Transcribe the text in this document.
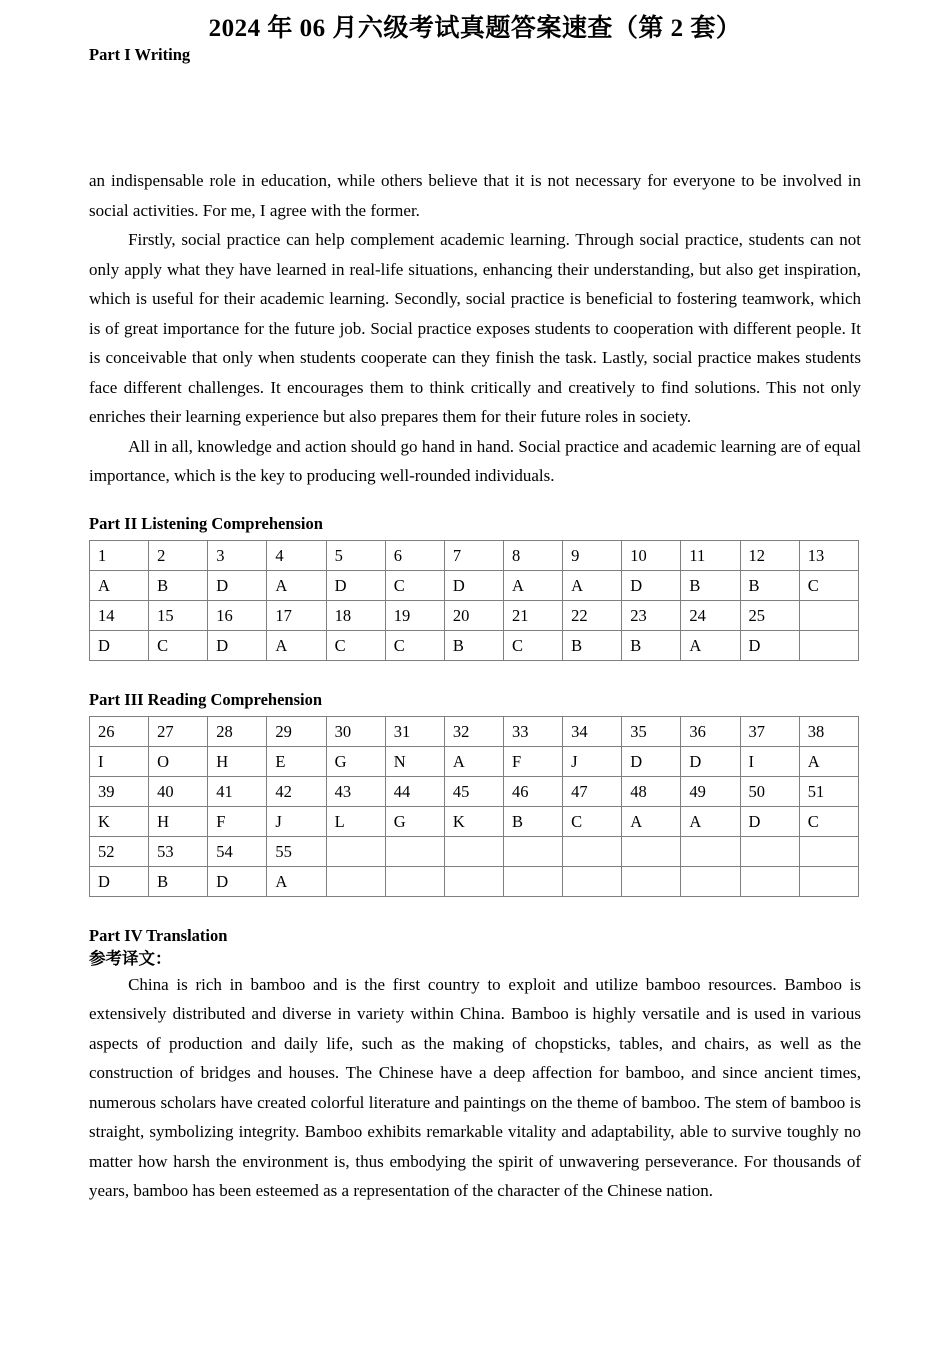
2024 年 06 月六级考试真题答案速查（第 2 套）
Part I Writing

an indispensable role in education, while others believe that it is not necessary for everyone to be involved in social activities. For me, I agree with the former.

Firstly, social practice can help complement academic learning. Through social practice, students can not only apply what they have learned in real-life situations, enhancing their understanding, but also get inspiration, which is useful for their academic learning. Secondly, social practice is beneficial to fostering teamwork, which is of great importance for the future job. Social practice exposes students to cooperation with different people. It is conceivable that only when students cooperate can they finish the task. Lastly, social practice makes students face different challenges. It encourages them to think critically and creatively to find solutions. This not only enriches their learning experience but also prepares them for their future roles in society.

All in all, knowledge and action should go hand in hand. Social practice and academic learning are of equal importance, which is the key to producing well-rounded individuals.

Part II Listening Comprehension
1	2	3	4	5	6	7	8	9	10	11	12	13
A	B	D	A	D	C	D	A	A	D	B	B	C
14	15	16	17	18	19	20	21	22	23	24	25	
D	C	D	A	C	C	B	C	B	B	A	D	
Part III Reading Comprehension
26	27	28	29	30	31	32	33	34	35	36	37	38
I	O	H	E	G	N	A	F	J	D	D	I	A
39	40	41	42	43	44	45	46	47	48	49	50	51
K	H	F	J	L	G	K	B	C	A	A	D	C
52	53	54	55									
D	B	D	A									
Part IV Translation
参考译文：

China is rich in bamboo and is the first country to exploit and utilize bamboo resources. Bamboo is extensively distributed and diverse in variety within China. Bamboo is highly versatile and is used in various aspects of production and daily life, such as the making of chopsticks, tables, and chairs, as well as the construction of bridges and houses. The Chinese have a deep affection for bamboo, and since ancient times, numerous scholars have created colorful literature and paintings on the theme of bamboo. The stem of bamboo is straight, symbolizing integrity. Bamboo exhibits remarkable vitality and adaptability, able to survive toughly no matter how harsh the environment is, thus embodying the spirit of unwavering perseverance. For thousands of years, bamboo has been esteemed as a representation of the character of the Chinese nation.
